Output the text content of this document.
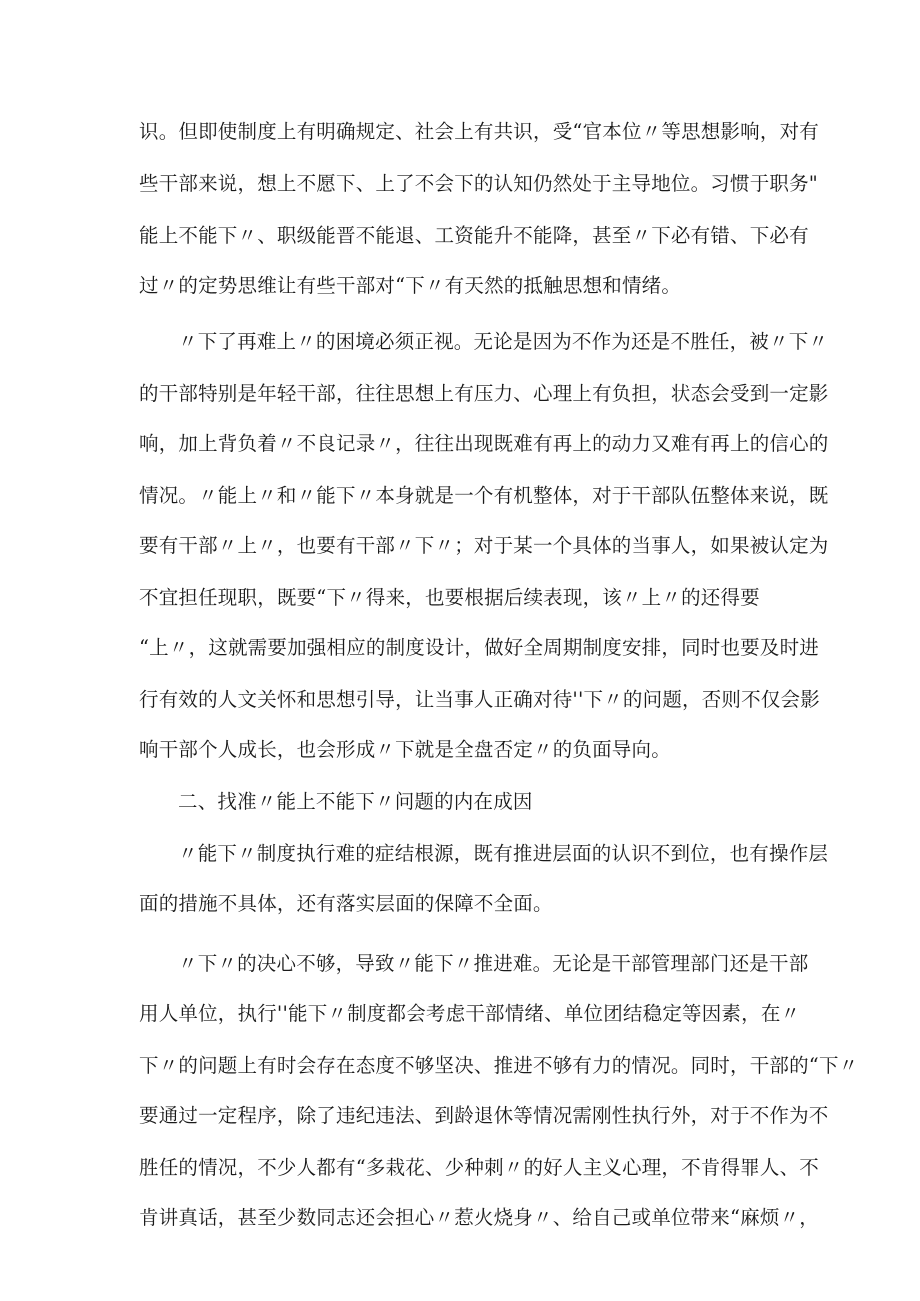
识。但即使制度上有明确规定、社会上有共识，受“官本位〃等思想影响，对有
些干部来说，想上不愿下、上了不会下的认知仍然处于主导地位。习惯于职务"
能上不能下〃、职级能晋不能退、工资能升不能降，甚至〃下必有错、下必有
过〃的定势思维让有些干部对“下〃有天然的抵触思想和情绪。
〃下了再难上〃的困境必须正视。无论是因为不作为还是不胜任，被〃下〃
的干部特别是年轻干部，往往思想上有压力、心理上有负担，状态会受到一定影
响，加上背负着〃不良记录〃，往往出现既难有再上的动力又难有再上的信心的
情况。〃能上〃和〃能下〃本身就是一个有机整体，对于干部队伍整体来说，既
要有干部〃上〃，也要有干部〃下〃；对于某一个具体的当事人，如果被认定为
不宜担任现职，既要“下〃得来，也要根据后续表现，该〃上〃的还得要
“上〃，这就需要加强相应的制度设计，做好全周期制度安排，同时也要及时进
行有效的人文关怀和思想引导，让当事人正确对待''下〃的问题，否则不仅会影
响干部个人成长，也会形成〃下就是全盘否定〃的负面导向。
二、找准〃能上不能下〃问题的内在成因
〃能下〃制度执行难的症结根源，既有推进层面的认识不到位，也有操作层
面的措施不具体，还有落实层面的保障不全面。
〃下〃的决心不够，导致〃能下〃推进难。无论是干部管理部门还是干部
用人单位，执行''能下〃制度都会考虑干部情绪、单位团结稳定等因素，在〃
下〃的问题上有时会存在态度不够坚决、推进不够有力的情况。同时，干部的“下〃
要通过一定程序，除了违纪违法、到龄退休等情况需刚性执行外，对于不作为不
胜任的情况，不少人都有“多栽花、少种刺〃的好人主义心理，不肯得罪人、不
肯讲真话，甚至少数同志还会担心〃惹火烧身〃、给自己或单位带来“麻烦〃，
